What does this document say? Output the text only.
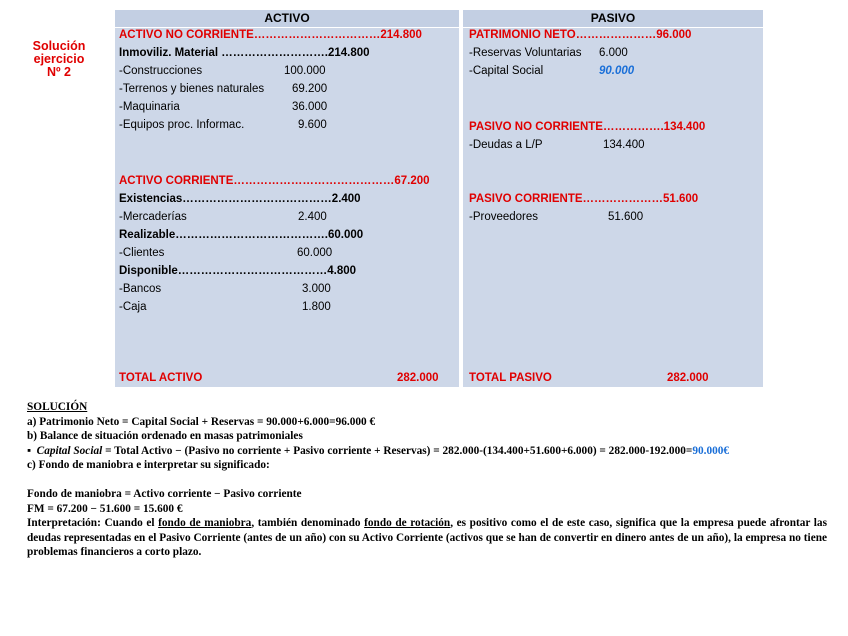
Solución
ejercicio
Nº 2
ACTIVO
ACTIVO NO CORRIENTE……………………………214.800
Inmoviliz. Material ……………………….214.800
-Construcciones	100.000
-Terrenos y bienes naturales 69.200
-Maquinaria	36.000
-Equipos proc. Informac.	9.600
ACTIVO CORRIENTE……………………………………67.200
Existencias…………………………………2.400
-Mercaderías	2.400
Realizable………………………………….60.000
-Clientes	60.000
Disponible…………………………………4.800
-Bancos	3.000
-Caja	1.800
TOTAL ACTIVO	282.000
PASIVO
PATRIMONIO NETO…………………96.000
-Reservas Voluntarias 6.000
-Capital Social	90.000
PASIVO NO CORRIENTE…………….134.400
-Deudas a L/P	134.400
PASIVO CORRIENTE…………………51.600
-Proveedores	51.600
TOTAL PASIVO	282.000

SOLUCIÓN

a) Patrimonio Neto = Capital Social + Reservas = 90.000+6.000=96.000 €

b) Balance de situación ordenado en masas patrimoniales

▪  Capital Social = Total Activo − (Pasivo no corriente + Pasivo corriente + Reservas) = 282.000-(134.400+51.600+6.000) = 282.000-192.000=90.000€

c) Fondo de maniobra e interpretar su significado:

Fondo de maniobra = Activo corriente − Pasivo corriente

FM = 67.200 − 51.600 = 15.600 €

Interpretación: Cuando el fondo de maniobra, también denominado fondo de rotación, es positivo como el de este caso, significa que la empresa puede afrontar las deudas representadas en el Pasivo Corriente (antes de un año) con su Activo Corriente (activos que se han de convertir en dinero antes de un año), la empresa no tiene problemas financieros a corto plazo.
